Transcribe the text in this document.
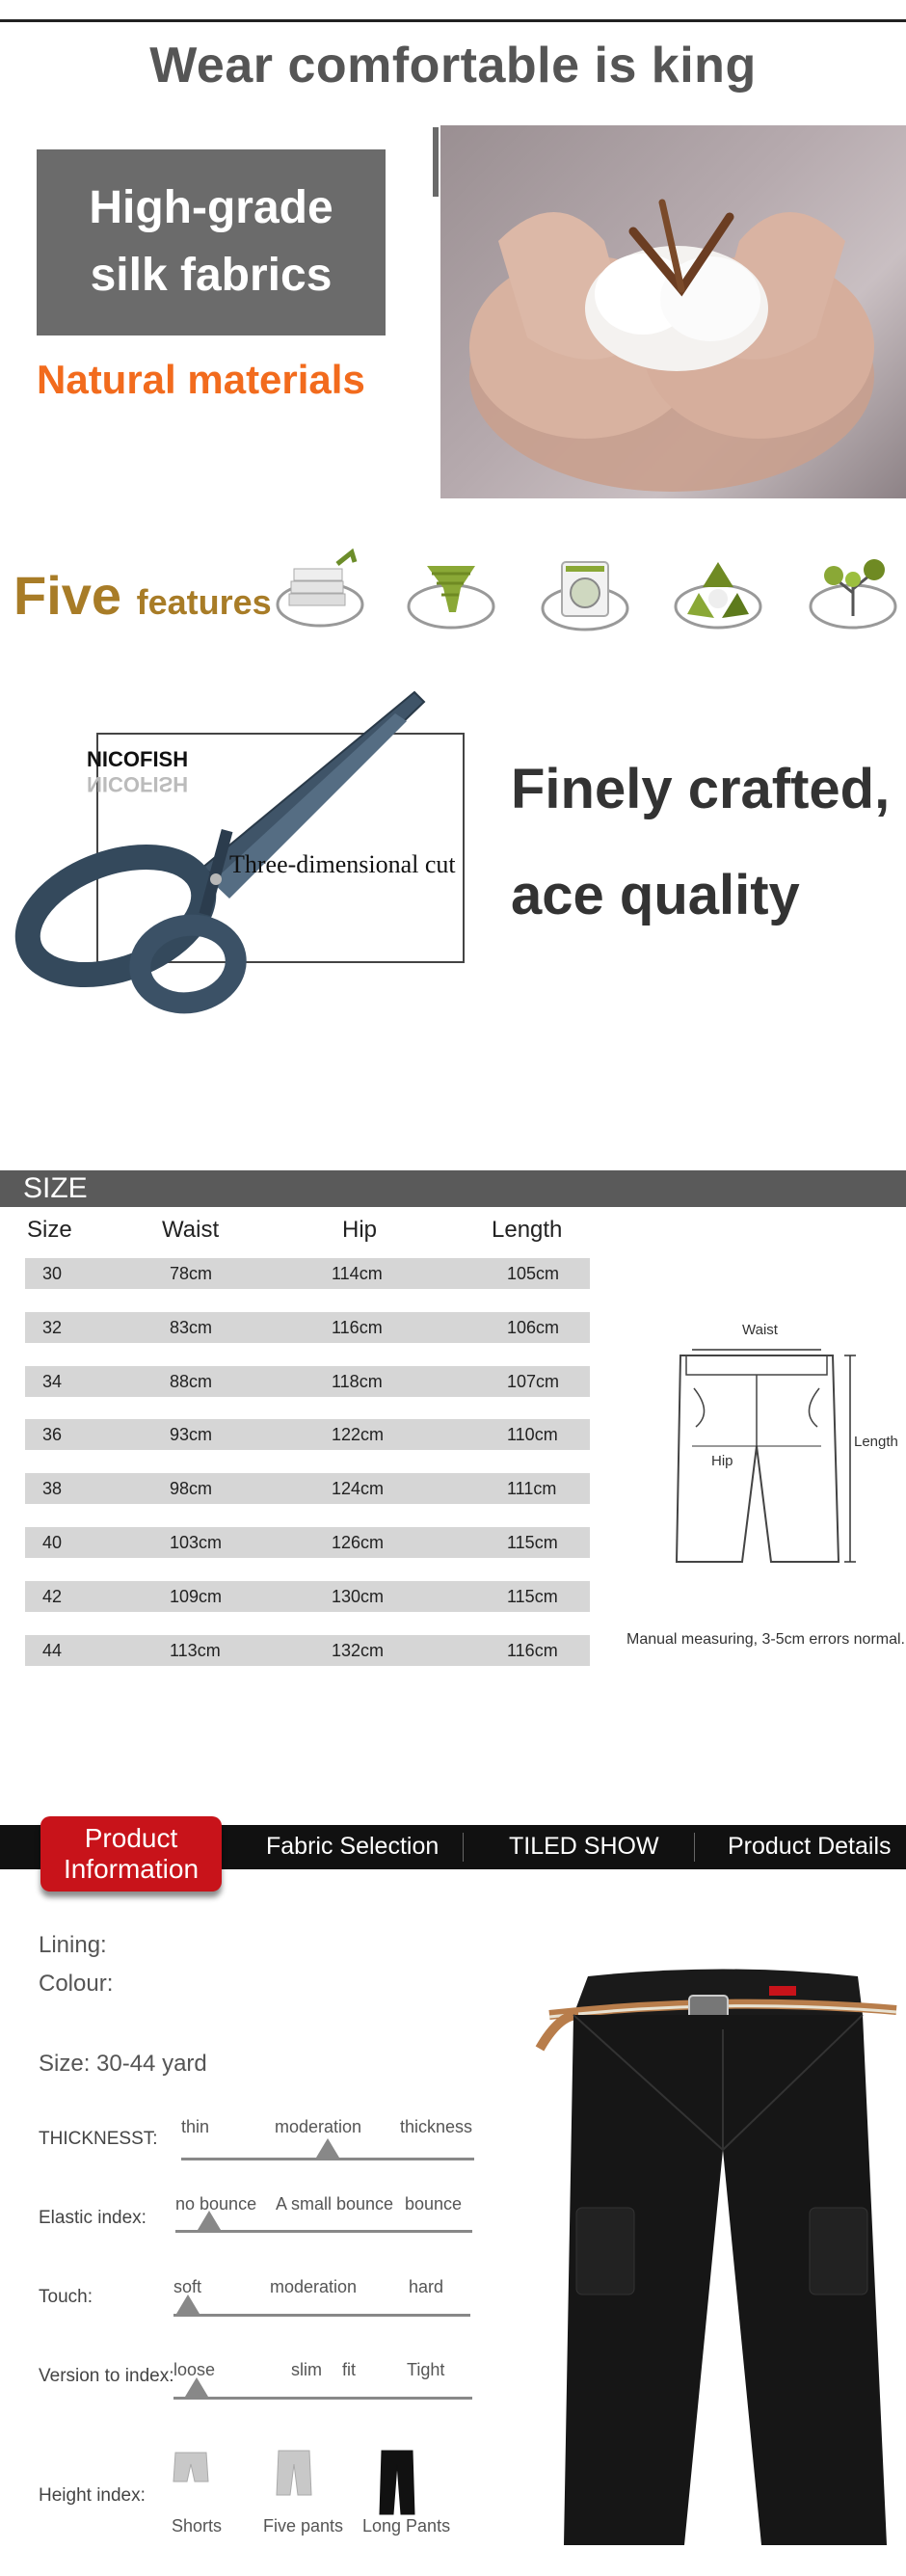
Wear comfortable is king
High-grade
silk fabrics
Natural materials
Five features
NICOFISH
NICOFISH
Three-dimensional cut
Finely crafted,
ace quality
SIZE
Size	Waist	Hip	Length
30	78cm	114cm	105cm
32	83cm	116cm	106cm
34	88cm	118cm	107cm
36	93cm	122cm	110cm
38	98cm	124cm	111cm
40	103cm	126cm	115cm
42	109cm	130cm	115cm
44	113cm	132cm	116cm
Waist
Hip
Length
Manual measuring, 3-5cm errors normal.
Product
Information
Fabric Selection	TILED SHOW	Product Details
Lining:
Colour:
Size: 30-44 yard
THICKNESST:
thin	moderation thickness
Elastic index:
no bounce A small bounce bounce
Touch:	soft	moderation	hard
Version to index: loose	slim fit	Tight
Height index:
Shorts Five pants Long Pants
